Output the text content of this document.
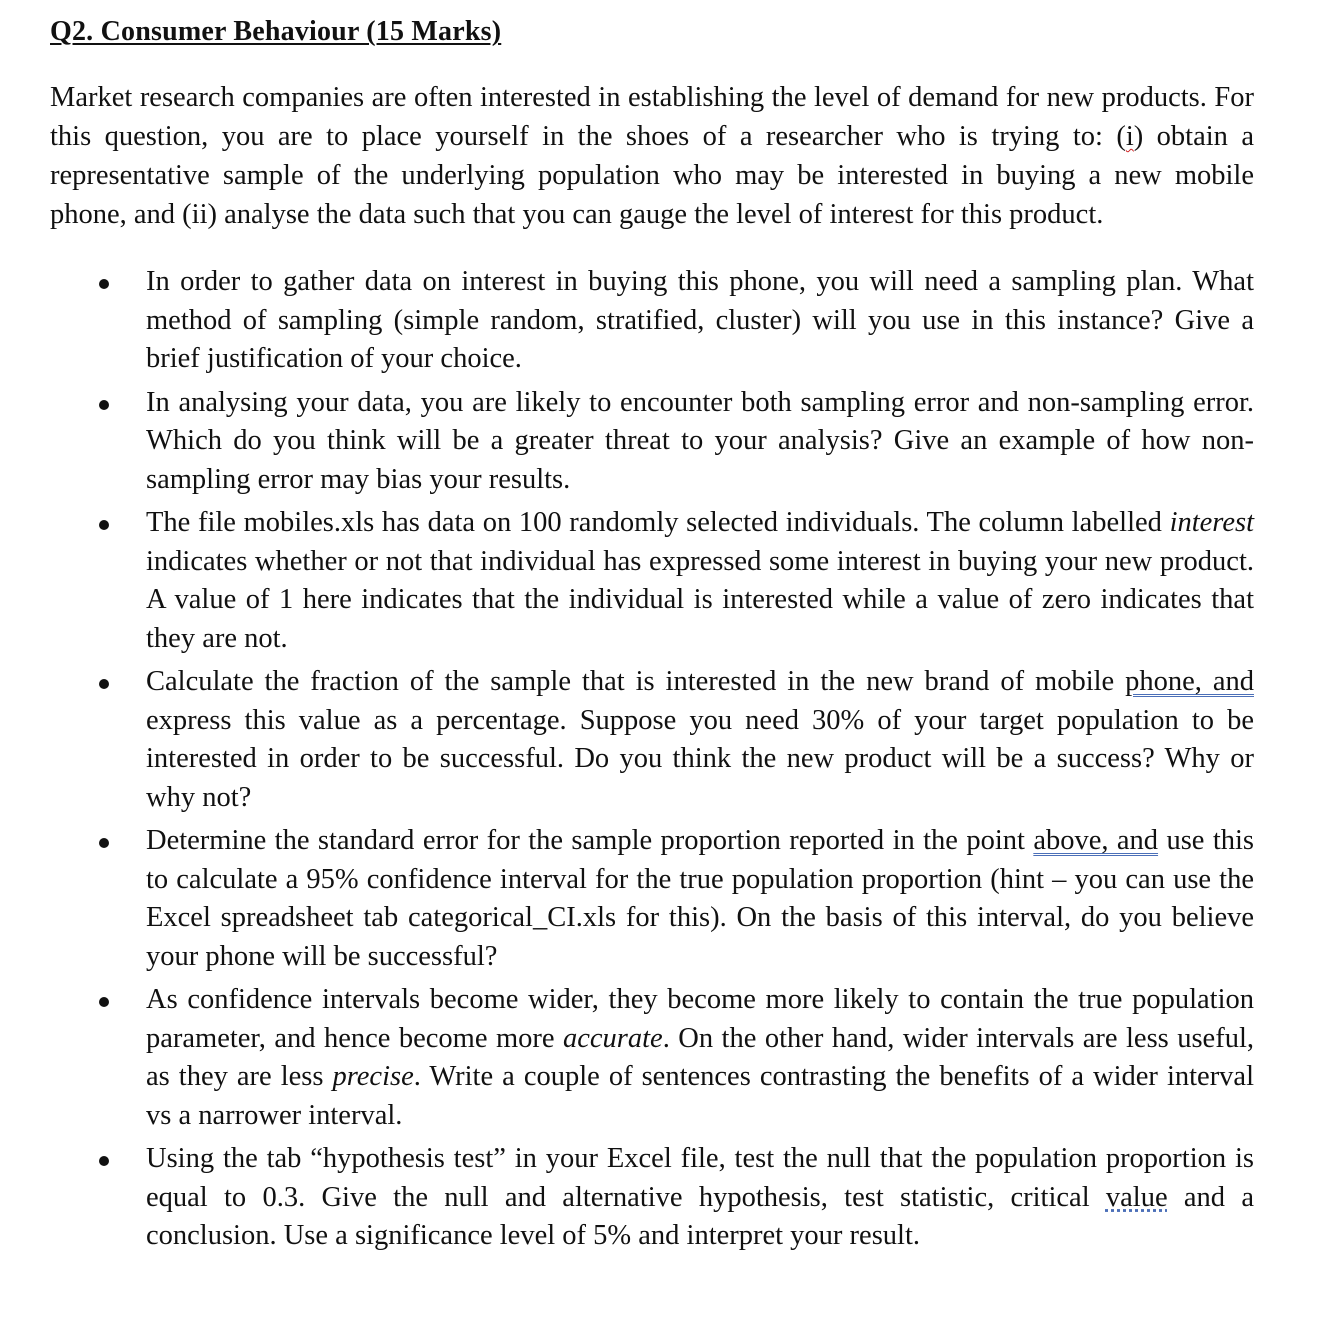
Q2. Consumer Behaviour (15 Marks)

Market research companies are often interested in establishing the level of demand for new products. For this question, you are to place yourself in the shoes of a researcher who is trying to: (i) obtain a representative sample of the underlying population who may be interested in buying a new mobile phone, and (ii) analyse the data such that you can gauge the level of interest for this product.

In order to gather data on interest in buying this phone, you will need a sampling plan. What method of sampling (simple random, stratified, cluster) will you use in this instance? Give a brief justification of your choice.
In analysing your data, you are likely to encounter both sampling error and non-sampling error. Which do you think will be a greater threat to your analysis? Give an example of how non-sampling error may bias your results.
The file mobiles.xls has data on 100 randomly selected individuals. The column labelled interest indicates whether or not that individual has expressed some interest in buying your new product. A value of 1 here indicates that the individual is interested while a value of zero indicates that they are not.
Calculate the fraction of the sample that is interested in the new brand of mobile phone, and express this value as a percentage. Suppose you need 30% of your target population to be interested in order to be successful. Do you think the new product will be a success? Why or why not?
Determine the standard error for the sample proportion reported in the point above, and use this to calculate a 95% confidence interval for the true population proportion (hint – you can use the Excel spreadsheet tab categorical_CI.xls for this). On the basis of this interval, do you believe your phone will be successful?
As confidence intervals become wider, they become more likely to contain the true population parameter, and hence become more accurate. On the other hand, wider intervals are less useful, as they are less precise. Write a couple of sentences contrasting the benefits of a wider interval vs a narrower interval.
Using the tab “hypothesis test” in your Excel file, test the null that the population proportion is equal to 0.3. Give the null and alternative hypothesis, test statistic, critical value and a conclusion. Use a significance level of 5% and interpret your result.
